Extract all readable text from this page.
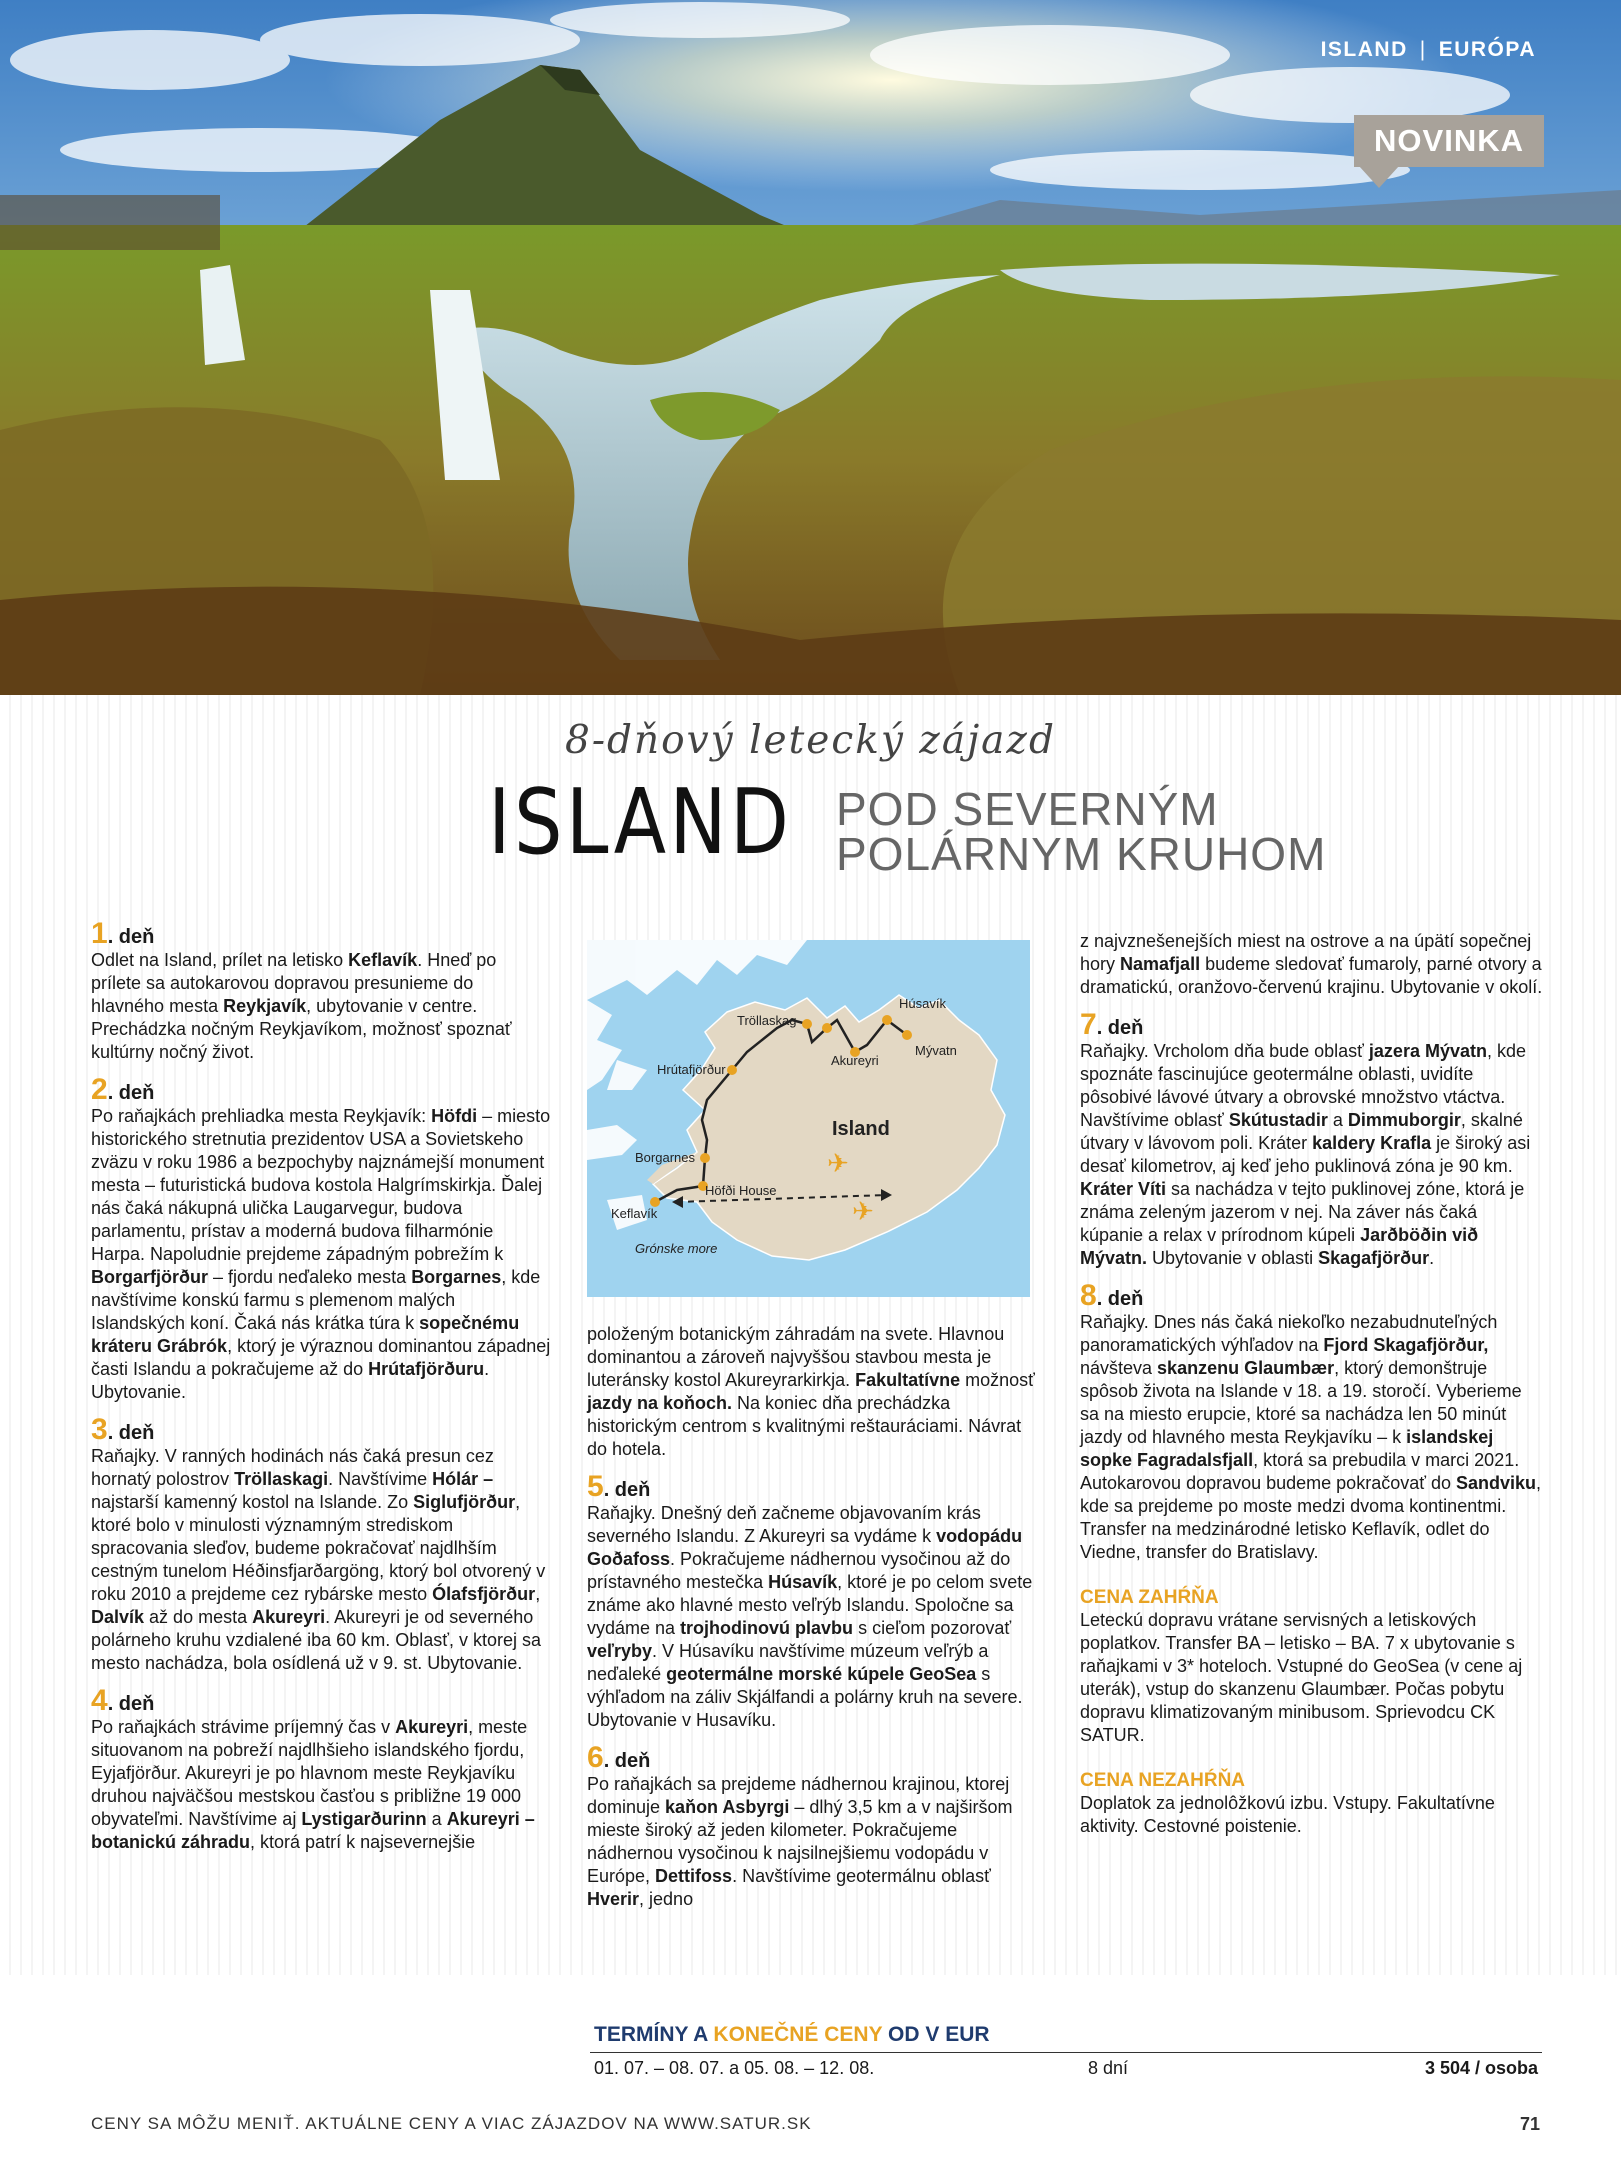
ISLAND | EURÓPA
NOVINKA
8-dňový letecký zájazd
ISLAND POD SEVERNÝM
POLÁRNYM KRUHOM
1. deň

Odlet na Island, prílet na letisko Keflavík. Hneď po prílete sa autokarovou dopravou presunieme do hlavného mesta Reykjavík, ubytovanie v centre. Prechádzka nočným Reykjavíkom, možnosť spoznať kultúrny nočný život.

2. deň

Po raňajkách prehliadka mesta Reykjavík: Höfdi – miesto historického stretnutia prezidentov USA a Sovietskeho zväzu v roku 1986 a bezpochyby najznámejší monument mesta – futuristická budova kostola Halgrímskirkja. Ďalej nás čaká nákupná ulička Laugarvegur, budova parlamentu, prístav a moderná budova filharmónie Harpa. Napoludnie prejdeme západným pobrežím k Borgarfjörður – fjordu neďaleko mesta Borgarnes, kde navštívime konskú farmu s plemenom malých Islandských koní. Čaká nás krátka túra k sopečnému kráteru Grábrók, ktorý je výraznou dominantou západnej časti Islandu a pokračujeme až do Hrútafjörðuru. Ubytovanie.

3. deň

Raňajky. V ranných hodinách nás čaká presun cez hornatý polostrov Tröllaskagi. Navštívime Hólár – najstarší kamenný kostol na Islande. Zo Siglufjörður, ktoré bolo v minulosti významným strediskom spracovania sleďov, budeme pokračovať najdlhším cestným tunelom Héðinsfjarðargöng, ktorý bol otvorený v roku 2010 a prejdeme cez rybárske mesto Ólafsfjörður, Dalvík až do mesta Akureyri. Akureyri je od severného polárneho kruhu vzdialené iba 60 km. Oblasť, v ktorej sa mesto nachádza, bola osídlená už v 9. st. Ubytovanie.

4. deň

Po raňajkách strávime príjemný čas v Akureyri, meste situovanom na pobreží najdlhšieho islandského fjordu, Eyjafjörður. Akureyri je po hlavnom meste Reykjavíku druhou najväčšou mestskou časťou s približne 19 000 obyvateľmi. Navštívime aj Lystigarðurinn a Akureyri – botanickú záhradu, ktorá patrí k najsevernejšie

✈
✈
Tröllaskag
Húsavík
Akureyri
Mývatn
Hrútafjörður
Island
Borgarnes
Höfði House
Keflavík
Grónske more

položeným botanickým záhradám na svete. Hlavnou dominantou a zároveň najvyššou stavbou mesta je luteránsky kostol Akureyrarkirkja. Fakultatívne možnosť jazdy na koňoch. Na koniec dňa prechádzka historickým centrom s kvalitnými reštauráciami. Návrat do hotela.

5. deň

Raňajky. Dnešný deň začneme objavovaním krás severného Islandu. Z Akureyri sa vydáme k vodopádu Goðafoss. Pokračujeme nádhernou vysočinou až do prístavného mestečka Húsavík, ktoré je po celom svete známe ako hlavné mesto veľrýb Islandu. Spoločne sa vydáme na trojhodinovú plavbu s cieľom pozorovať veľryby. V Húsavíku navštívime múzeum veľrýb a neďaleké geotermálne morské kúpele GeoSea s výhľadom na záliv Skjálfandi a polárny kruh na severe. Ubytovanie v Husavíku.

6. deň

Po raňajkách sa prejdeme nádhernou krajinou, ktorej dominuje kaňon Asbyrgi – dlhý 3,5 km a v najširšom mieste široký až jeden kilometer. Pokračujeme nádhernou vysočinou k najsilnejšiemu vodopádu v Európe, Dettifoss. Navštívime geotermálnu oblasť Hverir, jedno

z najvznešenejších miest na ostrove a na úpätí sopečnej hory Namafjall budeme sledovať fumaroly, parné otvory a dramatickú, oranžovo-červenú krajinu. Ubytovanie v okolí.

7. deň

Raňajky. Vrcholom dňa bude oblasť jazera Mývatn, kde spoznáte fascinujúce geotermálne oblasti, uvidíte pôsobivé lávové útvary a obrovské množstvo vtáctva. Navštívime oblasť Skútustadir a Dimmuborgir, skalné útvary v lávovom poli. Kráter kaldery Krafla je široký asi desať kilometrov, aj keď jeho puklinová zóna je 90 km. Kráter Víti sa nachádza v tejto puklinovej zóne, ktorá je známa zeleným jazerom v nej. Na záver nás čaká kúpanie a relax v prírodnom kúpeli Jarðböðin við Mývatn. Ubytovanie v oblasti Skagafjörður.

8. deň

Raňajky. Dnes nás čaká niekoľko nezabudnuteľných panoramatických výhľadov na Fjord Skagafjörður, návšteva skanzenu Glaumbær, ktorý demonštruje spôsob života na Islande v 18. a 19. storočí. Vyberieme sa na miesto erupcie, ktoré sa nachádza len 50 minút jazdy od hlavného mesta Reykjavíku – k islandskej sopke Fagradalsfjall, ktorá sa prebudila v marci 2021. Autokarovou dopravou budeme pokračovať do Sandviku, kde sa prejdeme po moste medzi dvoma kontinentmi. Transfer na medzinárodné letisko Keflavík, odlet do Viedne, transfer do Bratislavy.

CENA ZAHŔŇA

Leteckú dopravu vrátane servisných a letiskových poplatkov. Transfer BA – letisko – BA. 7 x ubytovanie s raňajkami v 3* hoteloch. Vstupné do GeoSea (v cene aj uterák), vstup do skanzenu Glaumbær. Počas pobytu dopravu klimatizovaným minibusom. Sprievodcu CK SATUR.

CENA NEZAHŔŇA

Doplatok za jednolôžkovú izbu. Vstupy. Fakultatívne aktivity. Cestovné poistenie.

TERMÍNY A KONEČNÉ CENY OD V EUR
01. 07. – 08. 07. a 05. 08. – 12. 08.	8 dní	3 504 / osoba
CENY SA MÔŽU MENIŤ. AKTUÁLNE CENY A VIAC ZÁJAZDOV NA WWW.SATUR.SK	71
